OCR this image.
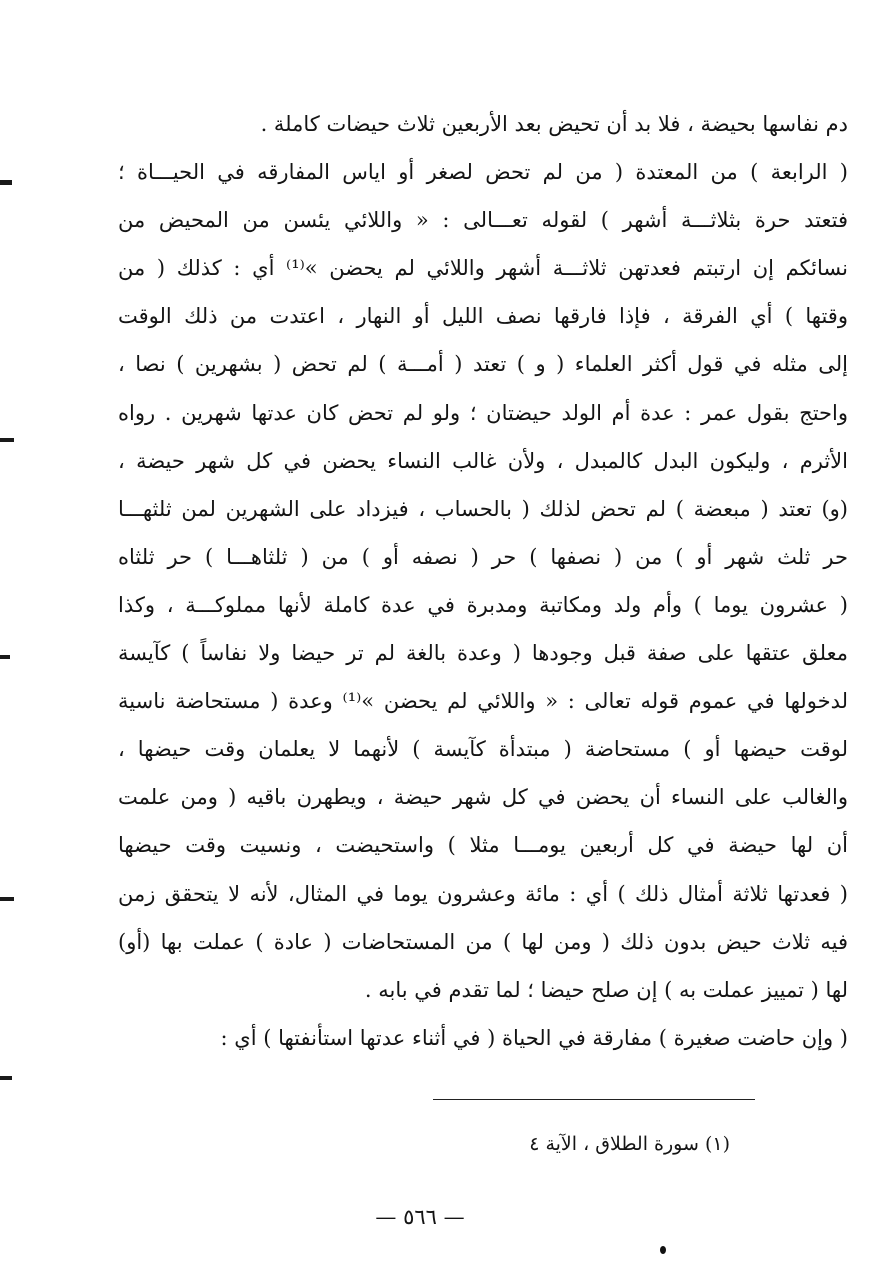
دم نفاسها بحيضة ، فلا بد أن تحيض بعد الأربعين ثلاث حيضات كاملة .
( الرابعة ) من المعتدة ( من لم تحض لصغر أو اياس المفارقه في الحيـــاة ؛
فتعتد حرة بثلاثـــة أشهر ) لقوله تعـــالى : « واللائي يئسن من المحيض من
نسائكم إن ارتبتم فعدتهن ثلاثـــة أشهر واللائي لم يحضن »⁽¹⁾ أي : كذلك ( من
وقتها ) أي الفرقة ، فإذا فارقها نصف الليل أو النهار ، اعتدت من ذلك الوقت
إلى مثله في قول أكثر العلماء ( و ) تعتد ( أمـــة ) لم تحض ( بشهرين ) نصا ،
واحتج بقول عمر : عدة أم الولد حيضتان ؛ ولو لم تحض كان عدتها شهرين . رواه
الأثرم ، وليكون البدل كالمبدل ، ولأن غالب النساء يحضن في كل شهر حيضة ،
(و) تعتد ( مبعضة ) لم تحض لذلك ( بالحساب ، فيزداد على الشهرين لمن ثلثهـــا
حر ثلث شهر أو ) من ( نصفها ) حر ( نصفه أو ) من ( ثلثاهـــا ) حر ثلثاه
( عشرون يوما ) وأم ولد ومكاتبة ومدبرة في عدة كاملة لأنها مملوكـــة ، وكذا
معلق عتقها على صفة قبل وجودها ( وعدة بالغة لم تر حيضا ولا نفاساً ) كآيسة
لدخولها في عموم قوله تعالى : « واللائي لم يحضن »⁽¹⁾ وعدة ( مستحاضة ناسية
لوقت حيضها أو ) مستحاضة ( مبتدأة كآيسة ) لأنهما لا يعلمان وقت حيضها ،
والغالب على النساء أن يحضن في كل شهر حيضة ، ويطهرن باقيه ( ومن علمت
أن لها حيضة في كل أربعين يومـــا مثلا ) واستحيضت ، ونسيت وقت حيضها
( فعدتها ثلاثة أمثال ذلك ) أي : مائة وعشرون يوما في المثال، لأنه لا يتحقق زمن
فيه ثلاث حيض بدون ذلك ( ومن لها ) من المستحاضات ( عادة ) عملت بها (أو)
لها ( تمييز عملت به ) إن صلح حيضا ؛ لما تقدم في بابه .
( وإن حاضت صغيرة ) مفارقة في الحياة ( في أثناء عدتها استأنفتها ) أي :
(١) سورة الطلاق ، الآية ٤
— ٥٦٦ —
